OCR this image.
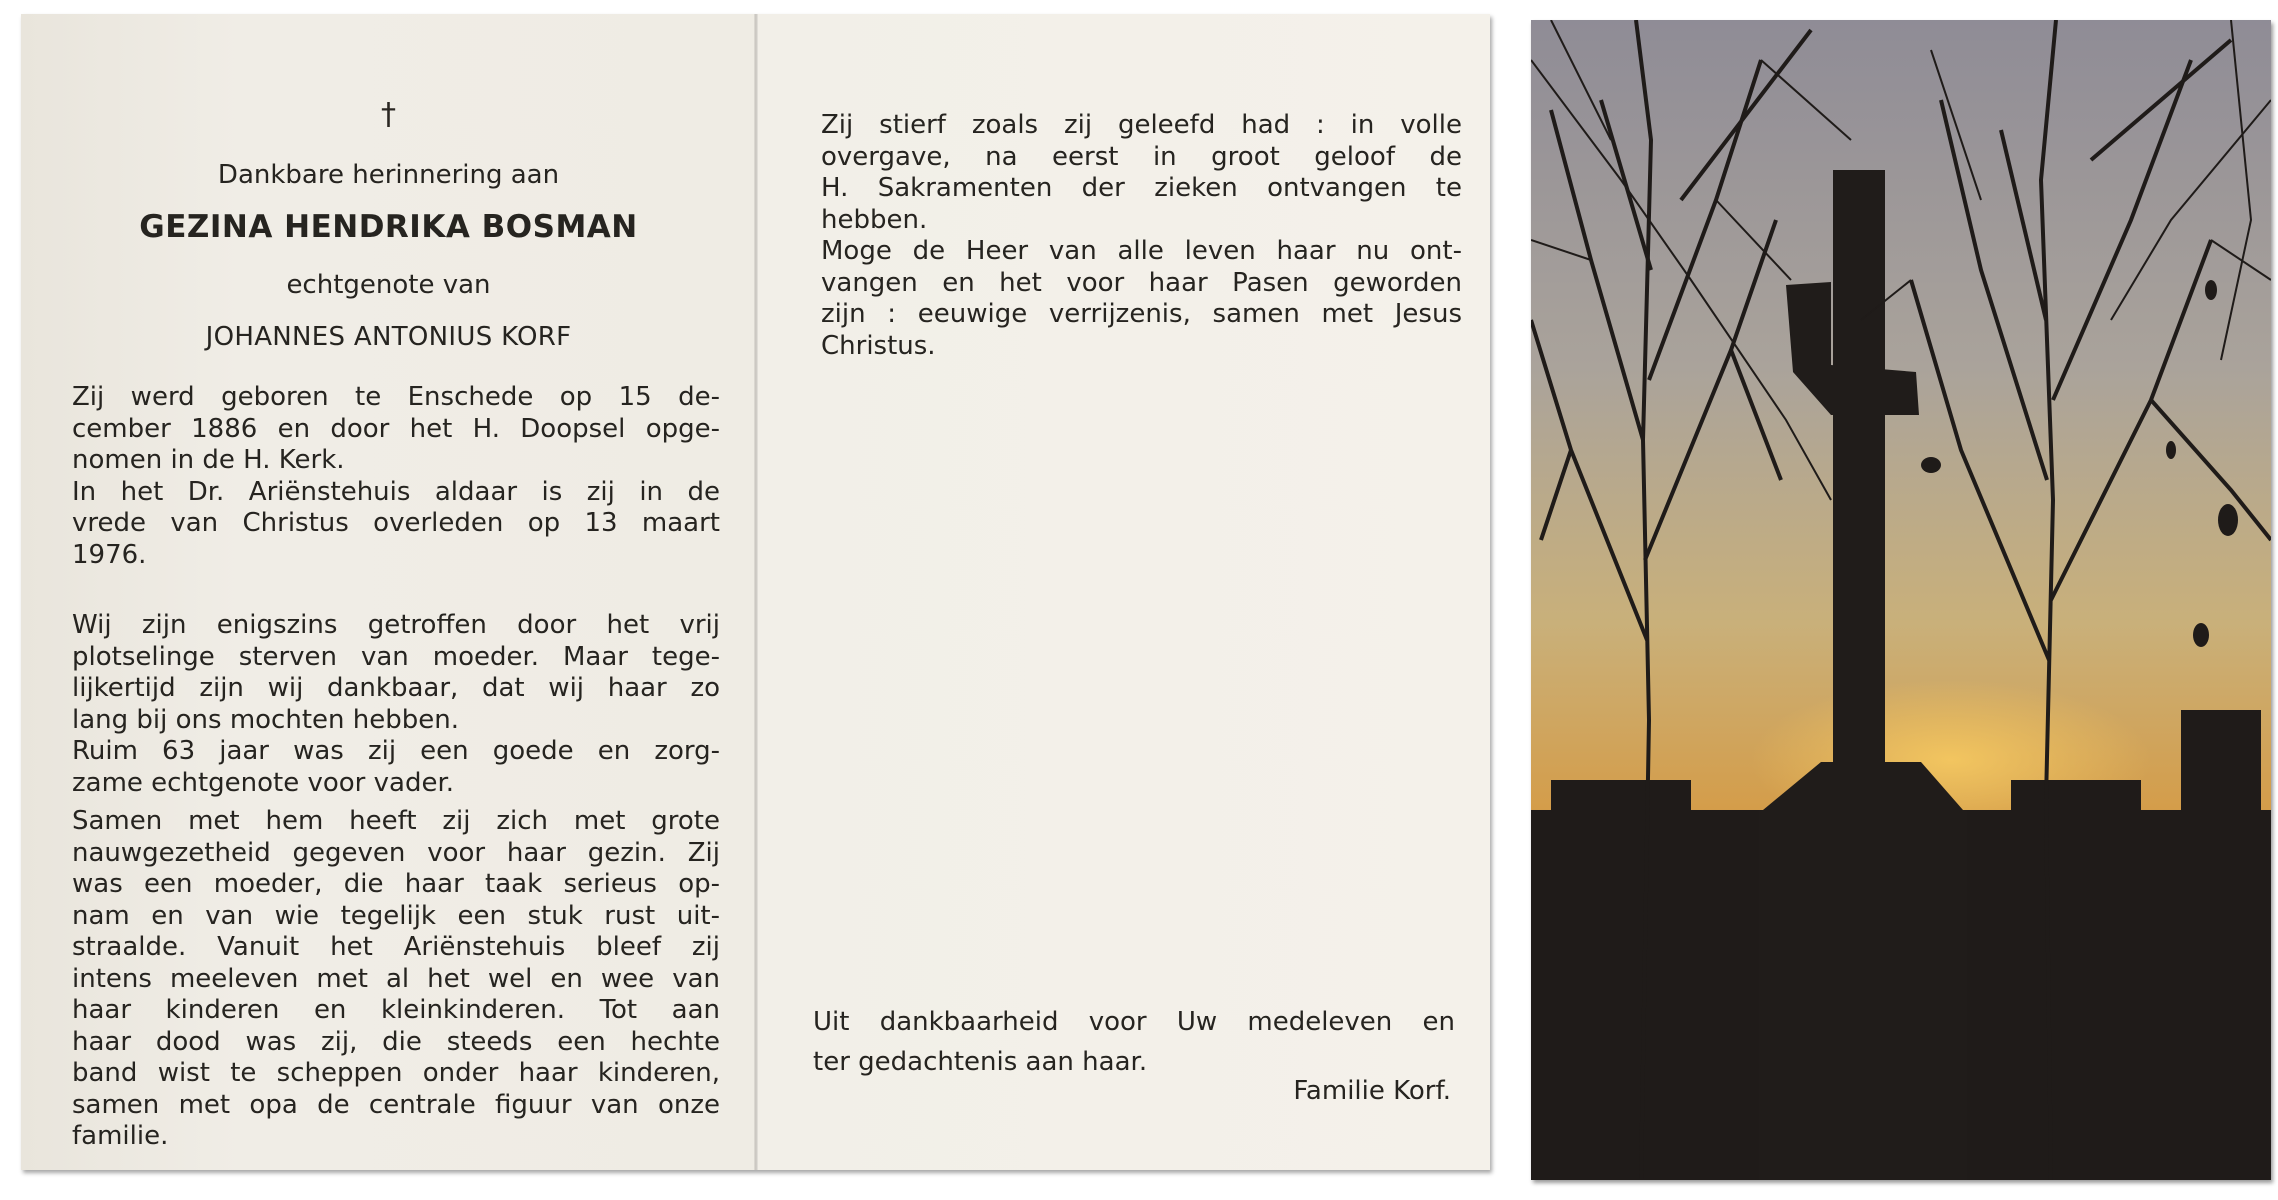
†
Dankbare herinnering aan
GEZINA HENDRIKA BOSMAN
echtgenote van
JOHANNES ANTONIUS KORF

Zij werd geboren te Enschede op 15 de-
cember 1886 en door het H. Doopsel opge-
nomen in de H. Kerk.
In het Dr. Ariënstehuis aldaar is zij in de
vrede van Christus overleden op 13 maart
1976.

Wij zijn enigszins getroffen door het vrij
plotselinge sterven van moeder. Maar tege-
lijkertijd zijn wij dankbaar, dat wij haar zo
lang bij ons mochten hebben.
Ruim 63 jaar was zij een goede en zorg-
zame echtgenote voor vader.

Samen met hem heeft zij zich met grote
nauwgezetheid gegeven voor haar gezin. Zij
was een moeder, die haar taak serieus op-
nam en van wie tegelijk een stuk rust uit-
straalde. Vanuit het Ariënstehuis bleef zij
intens meeleven met al het wel en wee van
haar kinderen en kleinkinderen. Tot aan
haar dood was zij, die steeds een hechte
band wist te scheppen onder haar kinderen,
samen met opa de centrale figuur van onze
familie.

Zij stierf zoals zij geleefd had : in volle
overgave, na eerst in groot geloof de
H. Sakramenten der zieken ontvangen te
hebben.
Moge de Heer van alle leven haar nu ont-
vangen en het voor haar Pasen geworden
zijn : eeuwige verrijzenis, samen met Jesus
Christus.

Uit dankbaarheid voor Uw medeleven en
ter gedachtenis aan haar.

Familie Korf.
